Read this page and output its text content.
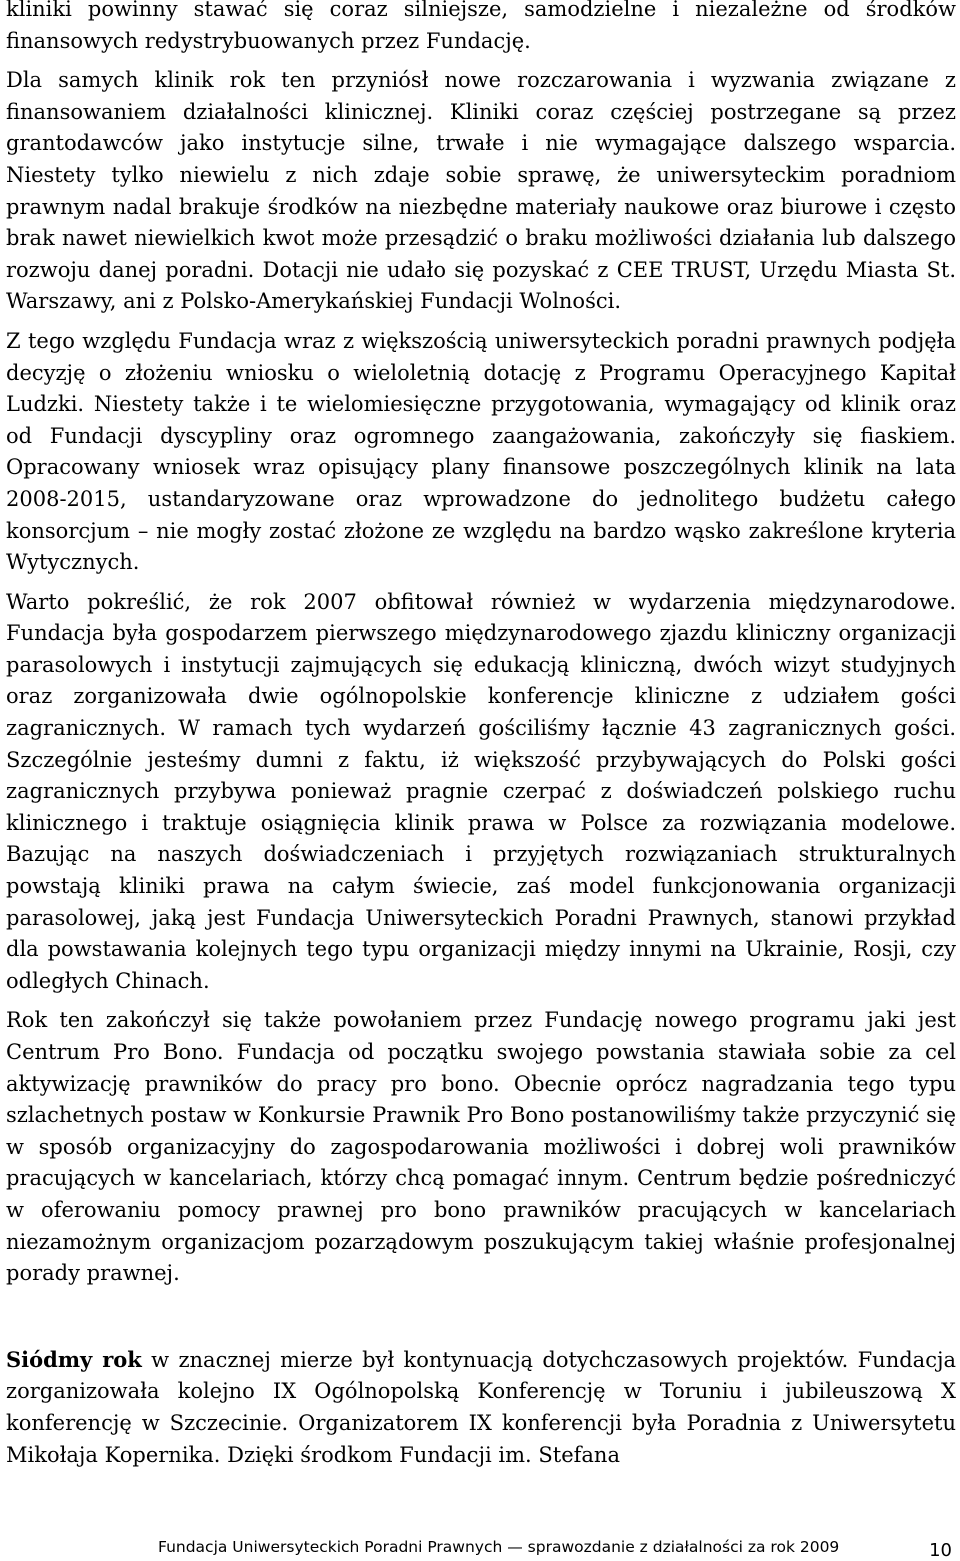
kliniki powinny stawać się coraz silniejsze, samodzielne i niezależne od środków finansowych redystrybuowanych przez Fundację.

Dla samych klinik rok ten przyniósł nowe rozczarowania i wyzwania związane z finansowaniem działalności klinicznej. Kliniki coraz częściej postrzegane są przez grantodawców jako instytucje silne, trwałe i nie wymagające dalszego wsparcia. Niestety tylko niewielu z nich zdaje sobie sprawę, że uniwersyteckim poradniom prawnym nadal brakuje środków na niezbędne materiały naukowe oraz biurowe i często brak nawet niewielkich kwot może przesądzić o braku możliwości działania lub dalszego rozwoju danej poradni. Dotacji nie udało się pozyskać z CEE TRUST, Urzędu Miasta St. Warszawy, ani z Polsko-Amerykańskiej Fundacji Wolności.

Z tego względu Fundacja wraz z większością uniwersyteckich poradni prawnych podjęła decyzję o złożeniu wniosku o wieloletnią dotację z Programu Operacyjnego Kapitał Ludzki. Niestety także i te wielomiesięczne przygotowania, wymagający od klinik oraz od Fundacji dyscypliny oraz ogromnego zaangażowania, zakończyły się fiaskiem. Opracowany wniosek wraz opisujący plany finansowe poszczególnych klinik na lata 2008-2015, ustandaryzowane oraz wprowadzone do jednolitego budżetu całego konsorcjum – nie mogły zostać złożone ze względu na bardzo wąsko zakreślone kryteria Wytycznych.

Warto pokreślić, że rok 2007 obfitował również w wydarzenia międzynarodowe. Fundacja była gospodarzem pierwszego międzynarodowego zjazdu kliniczny organizacji parasolowych i instytucji zajmujących się edukacją kliniczną, dwóch wizyt studyjnych oraz zorganizowała dwie ogólnopolskie konferencje kliniczne z udziałem gości zagranicznych. W ramach tych wydarzeń gościliśmy łącznie 43 zagranicznych gości. Szczególnie jesteśmy dumni z faktu, iż większość przybywających do Polski gości zagranicznych przybywa ponieważ pragnie czerpać z doświadczeń polskiego ruchu klinicznego i traktuje osiągnięcia klinik prawa w Polsce za rozwiązania modelowe. Bazując na naszych doświadczeniach i przyjętych rozwiązaniach strukturalnych powstają kliniki prawa na całym świecie, zaś model funkcjonowania organizacji parasolowej, jaką jest Fundacja Uniwersyteckich Poradni Prawnych, stanowi przykład dla powstawania kolejnych tego typu organizacji między innymi na Ukrainie, Rosji, czy odległych Chinach.

Rok ten zakończył się także powołaniem przez Fundację nowego programu jaki jest Centrum Pro Bono. Fundacja od początku swojego powstania stawiała sobie za cel aktywizację prawników do pracy pro bono. Obecnie oprócz nagradzania tego typu szlachetnych postaw w Konkursie Prawnik Pro Bono postanowiliśmy także przyczynić się w sposób organizacyjny do zagospodarowania możliwości i dobrej woli prawników pracujących w kancelariach, którzy chcą pomagać innym. Centrum będzie pośredniczyć w oferowaniu pomocy prawnej pro bono prawników pracujących w kancelariach niezamożnym organizacjom pozarządowym poszukującym takiej właśnie profesjonalnej porady prawnej.

Siódmy rok w znacznej mierze był kontynuacją dotychczasowych projektów. Fundacja zorganizowała kolejno IX Ogólnopolską Konferencję w Toruniu i jubileuszową X konferencję w Szczecinie. Organizatorem IX konferencji była Poradnia z Uniwersytetu Mikołaja Kopernika. Dzięki środkom Fundacji im. Stefana

Fundacja Uniwersyteckich Poradni Prawnych — sprawozdanie z działalności za rok 2009	10
